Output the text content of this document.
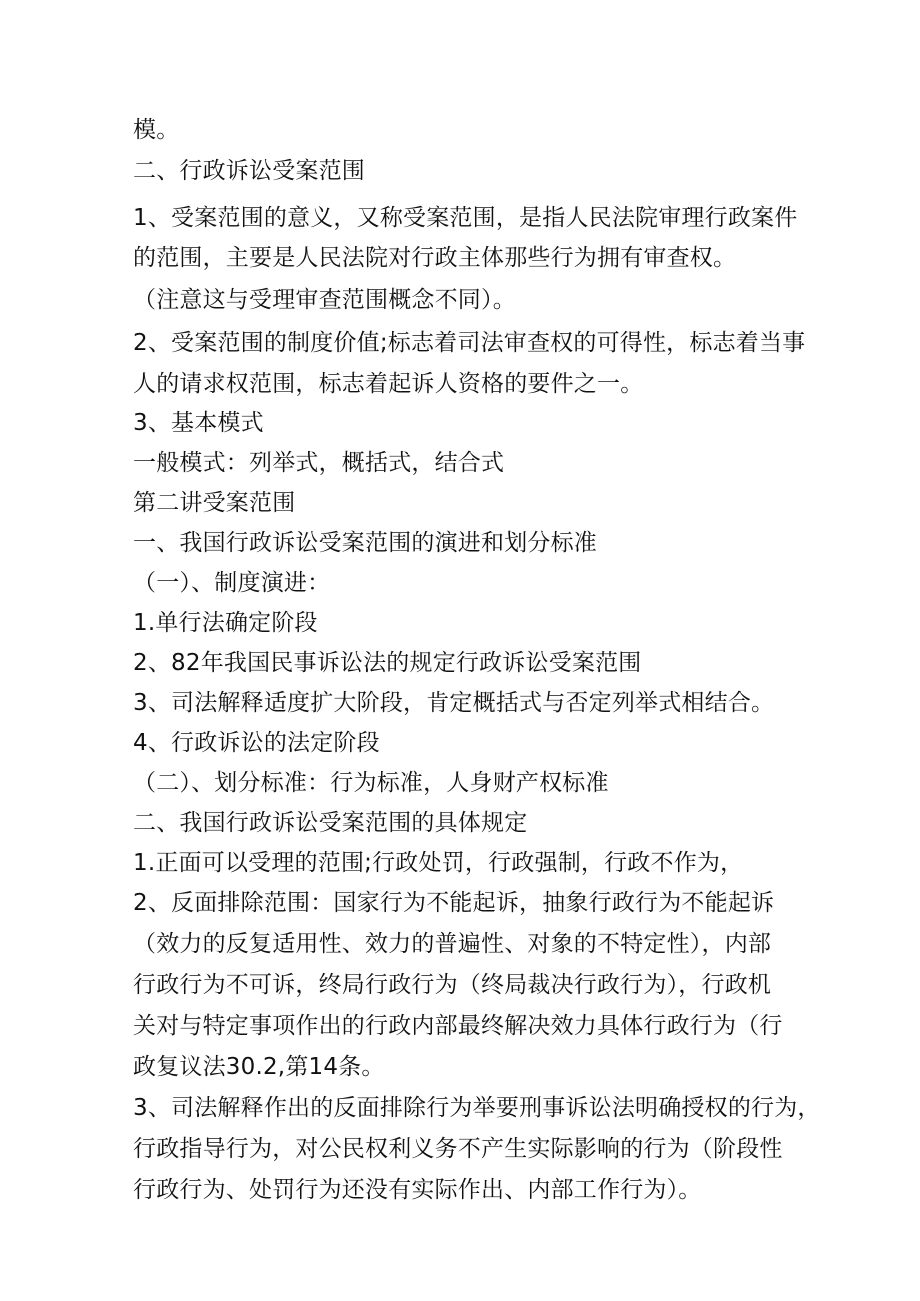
模。

二、行政诉讼受案范围

1、受案范围的意义，又称受案范围，是指人民法院审理行政案件

的范围，主要是人民法院对行政主体那些行为拥有审查权。

（注意这与受理审查范围概念不同）。

2、受案范围的制度价值;标志着司法审查权的可得性，标志着当事

人的请求权范围，标志着起诉人资格的要件之一。

3、基本模式

一般模式：列举式，概括式，结合式

第二讲受案范围

一、我国行政诉讼受案范围的演进和划分标准

（一）、制度演进：

1.单行法确定阶段

2、82年我国民事诉讼法的规定行政诉讼受案范围

3、司法解释适度扩大阶段，肯定概括式与否定列举式相结合。

4、行政诉讼的法定阶段

（二）、划分标准：行为标准，人身财产权标准

二、我国行政诉讼受案范围的具体规定

1.正面可以受理的范围;行政处罚，行政强制，行政不作为，

2、反面排除范围：国家行为不能起诉，抽象行政行为不能起诉

（效力的反复适用性、效力的普遍性、对象的不特定性），内部

行政行为不可诉，终局行政行为（终局裁决行政行为），行政机

关对与特定事项作出的行政内部最终解决效力具体行政行为（行

政复议法30.2,第14条。

3、司法解释作出的反面排除行为举要刑事诉讼法明确授权的行为，

行政指导行为，对公民权利义务不产生实际影响的行为（阶段性

行政行为、处罚行为还没有实际作出、内部工作行为）。
